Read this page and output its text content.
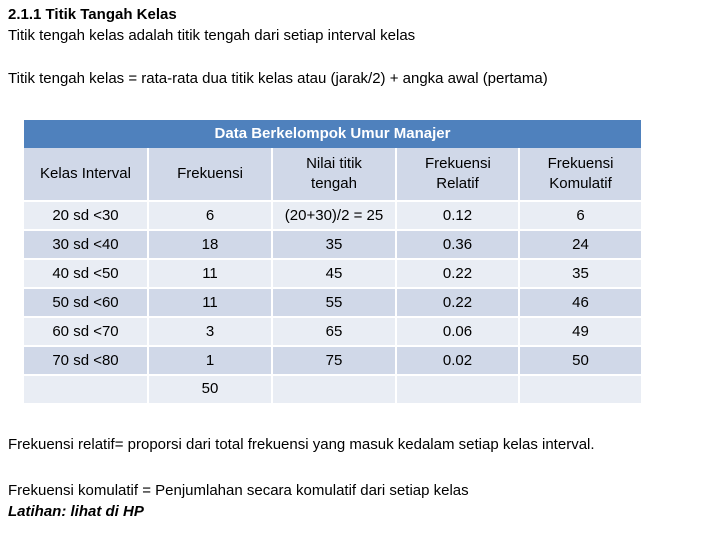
2.1.1 Titik Tangah Kelas
Titik tengah kelas adalah titik tengah dari setiap interval kelas
Titik tengah kelas = rata-rata dua titik kelas atau (jarak/2) + angka awal (pertama)
Data Berkelompok Umur Manajer
Kelas Interval	Frekuensi	Nilai titik tengah	Frekuensi Relatif	Frekuensi Komulatif
20 sd <30	6	(20+30)/2 = 25	0.12	6
30 sd <40	18	35	0.36	24
40 sd <50	11	45	0.22	35
50 sd <60	11	55	0.22	46
60 sd <70	3	65	0.06	49
70 sd <80	1	75	0.02	50
	50			
Frekuensi relatif= proporsi dari total frekuensi yang masuk kedalam setiap kelas interval.
Frekuensi komulatif = Penjumlahan secara komulatif dari setiap kelas
Latihan: lihat di HP
